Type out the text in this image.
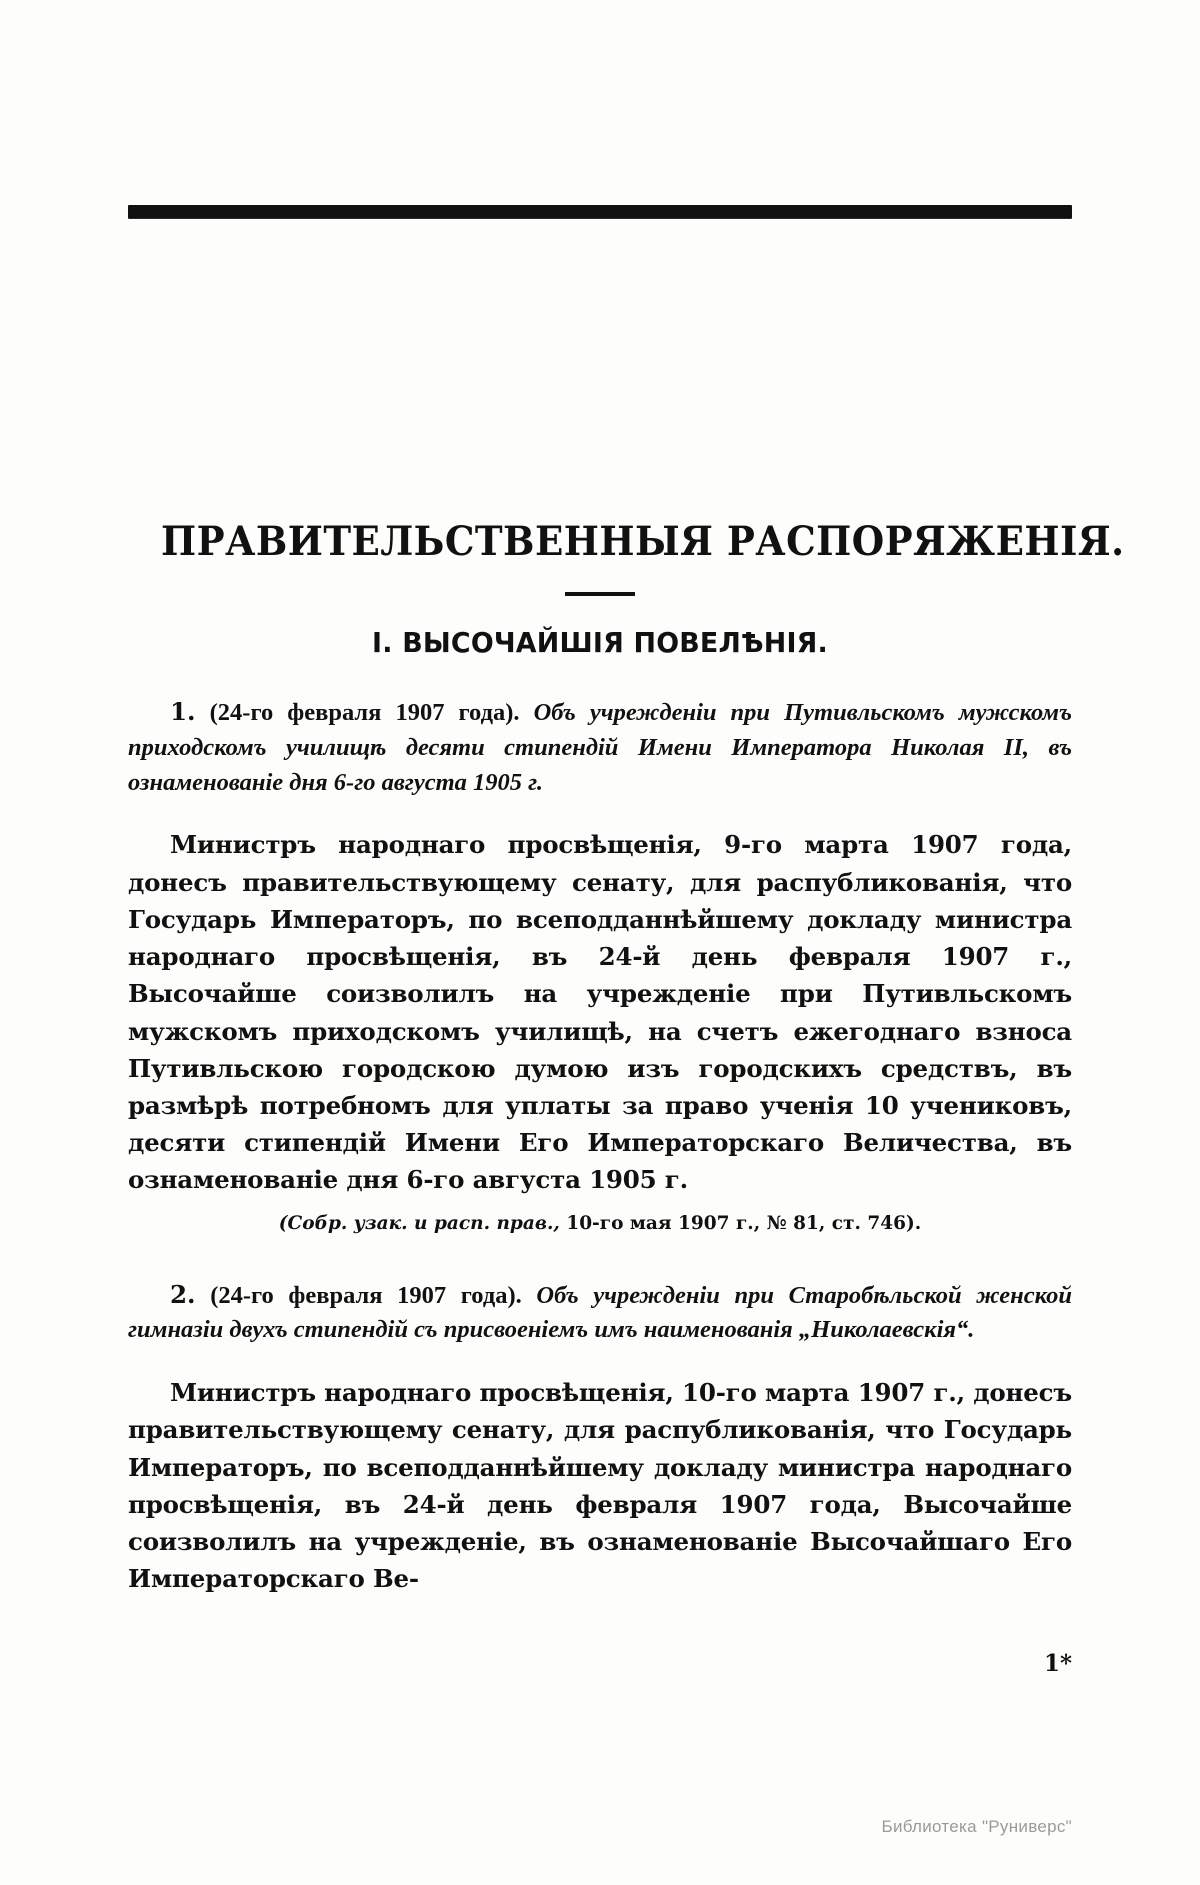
ПРАВИТЕЛЬСТВЕННЫЯ РАСПОРЯЖЕНІЯ.
I. ВЫСОЧАЙШІЯ ПОВЕЛѢНІЯ.

1. (24-го февраля 1907 года). Объ учрежденіи при Путивльскомъ мужскомъ приходскомъ училищѣ десяти стипендій Имени Императора Николая II, въ ознаменованіе дня 6-го августа 1905 г.

Министръ народнаго просвѣщенія, 9-го марта 1907 года, донесъ правительствующему сенату, для распубликованія, что Государь Императоръ, по всеподданнѣйшему докладу министра народнаго просвѣщенія, въ 24-й день февраля 1907 г., Высочайше соизволилъ на учрежденіе при Путивльскомъ мужскомъ приходскомъ училищѣ, на счетъ ежегоднаго взноса Путивльскою городскою думою изъ городскихъ средствъ, въ размѣрѣ потребномъ для уплаты за право ученія 10 учениковъ, десяти стипендій Имени Его Императорскаго Величества, въ ознаменованіе дня 6-го августа 1905 г.

(Собр. узак. и расп. прав., 10-го мая 1907 г., № 81, ст. 746).

2. (24-го февраля 1907 года). Объ учрежденіи при Старобѣльской женской гимназіи двухъ стипендій съ присвоеніемъ имъ наименованія „Николаевскія“.

Министръ народнаго просвѣщенія, 10-го марта 1907 г., донесъ правительствующему сенату, для распубликованія, что Государь Императоръ, по всеподданнѣйшему докладу министра народнаго просвѣщенія, въ 24-й день февраля 1907 года, Высочайше соизволилъ на учрежденіе, въ ознаменованіе Высочайшаго Его Императорскаго Ве-

1*
Библиотека "Руниверс"
